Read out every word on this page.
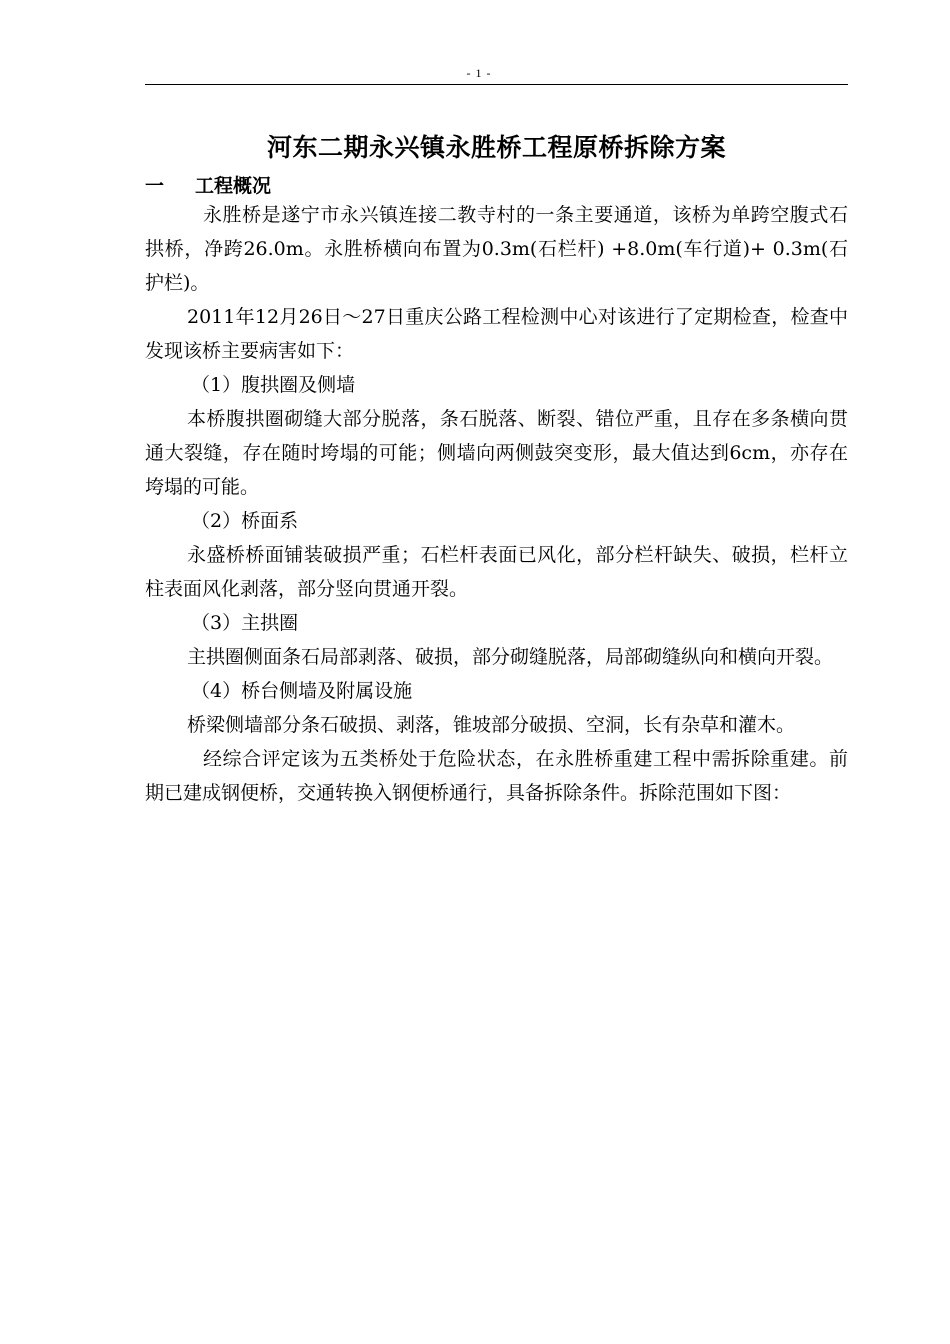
- 1 -
河东二期永兴镇永胜桥工程原桥拆除方案
一 工程概况

永胜桥是遂宁市永兴镇连接二教寺村的一条主要通道，该桥为单跨空腹式石拱桥，净跨26.0m。永胜桥横向布置为0.3m(石栏杆) +8.0m(车行道)+ 0.3m(石护栏)。

2011年12月26日～27日重庆公路工程检测中心对该进行了定期检查，检查中发现该桥主要病害如下：

（1）腹拱圈及侧墙

本桥腹拱圈砌缝大部分脱落，条石脱落、断裂、错位严重，且存在多条横向贯通大裂缝，存在随时垮塌的可能；侧墙向两侧鼓突变形，最大值达到6cm，亦存在垮塌的可能。

（2）桥面系

永盛桥桥面铺装破损严重；石栏杆表面已风化，部分栏杆缺失、破损，栏杆立柱表面风化剥落，部分竖向贯通开裂。

（3）主拱圈

主拱圈侧面条石局部剥落、破损，部分砌缝脱落，局部砌缝纵向和横向开裂。

（4）桥台侧墙及附属设施

桥梁侧墙部分条石破损、剥落，锥坡部分破损、空洞，长有杂草和灌木。

经综合评定该为五类桥处于危险状态，在永胜桥重建工程中需拆除重建。前期已建成钢便桥，交通转换入钢便桥通行，具备拆除条件。拆除范围如下图：
